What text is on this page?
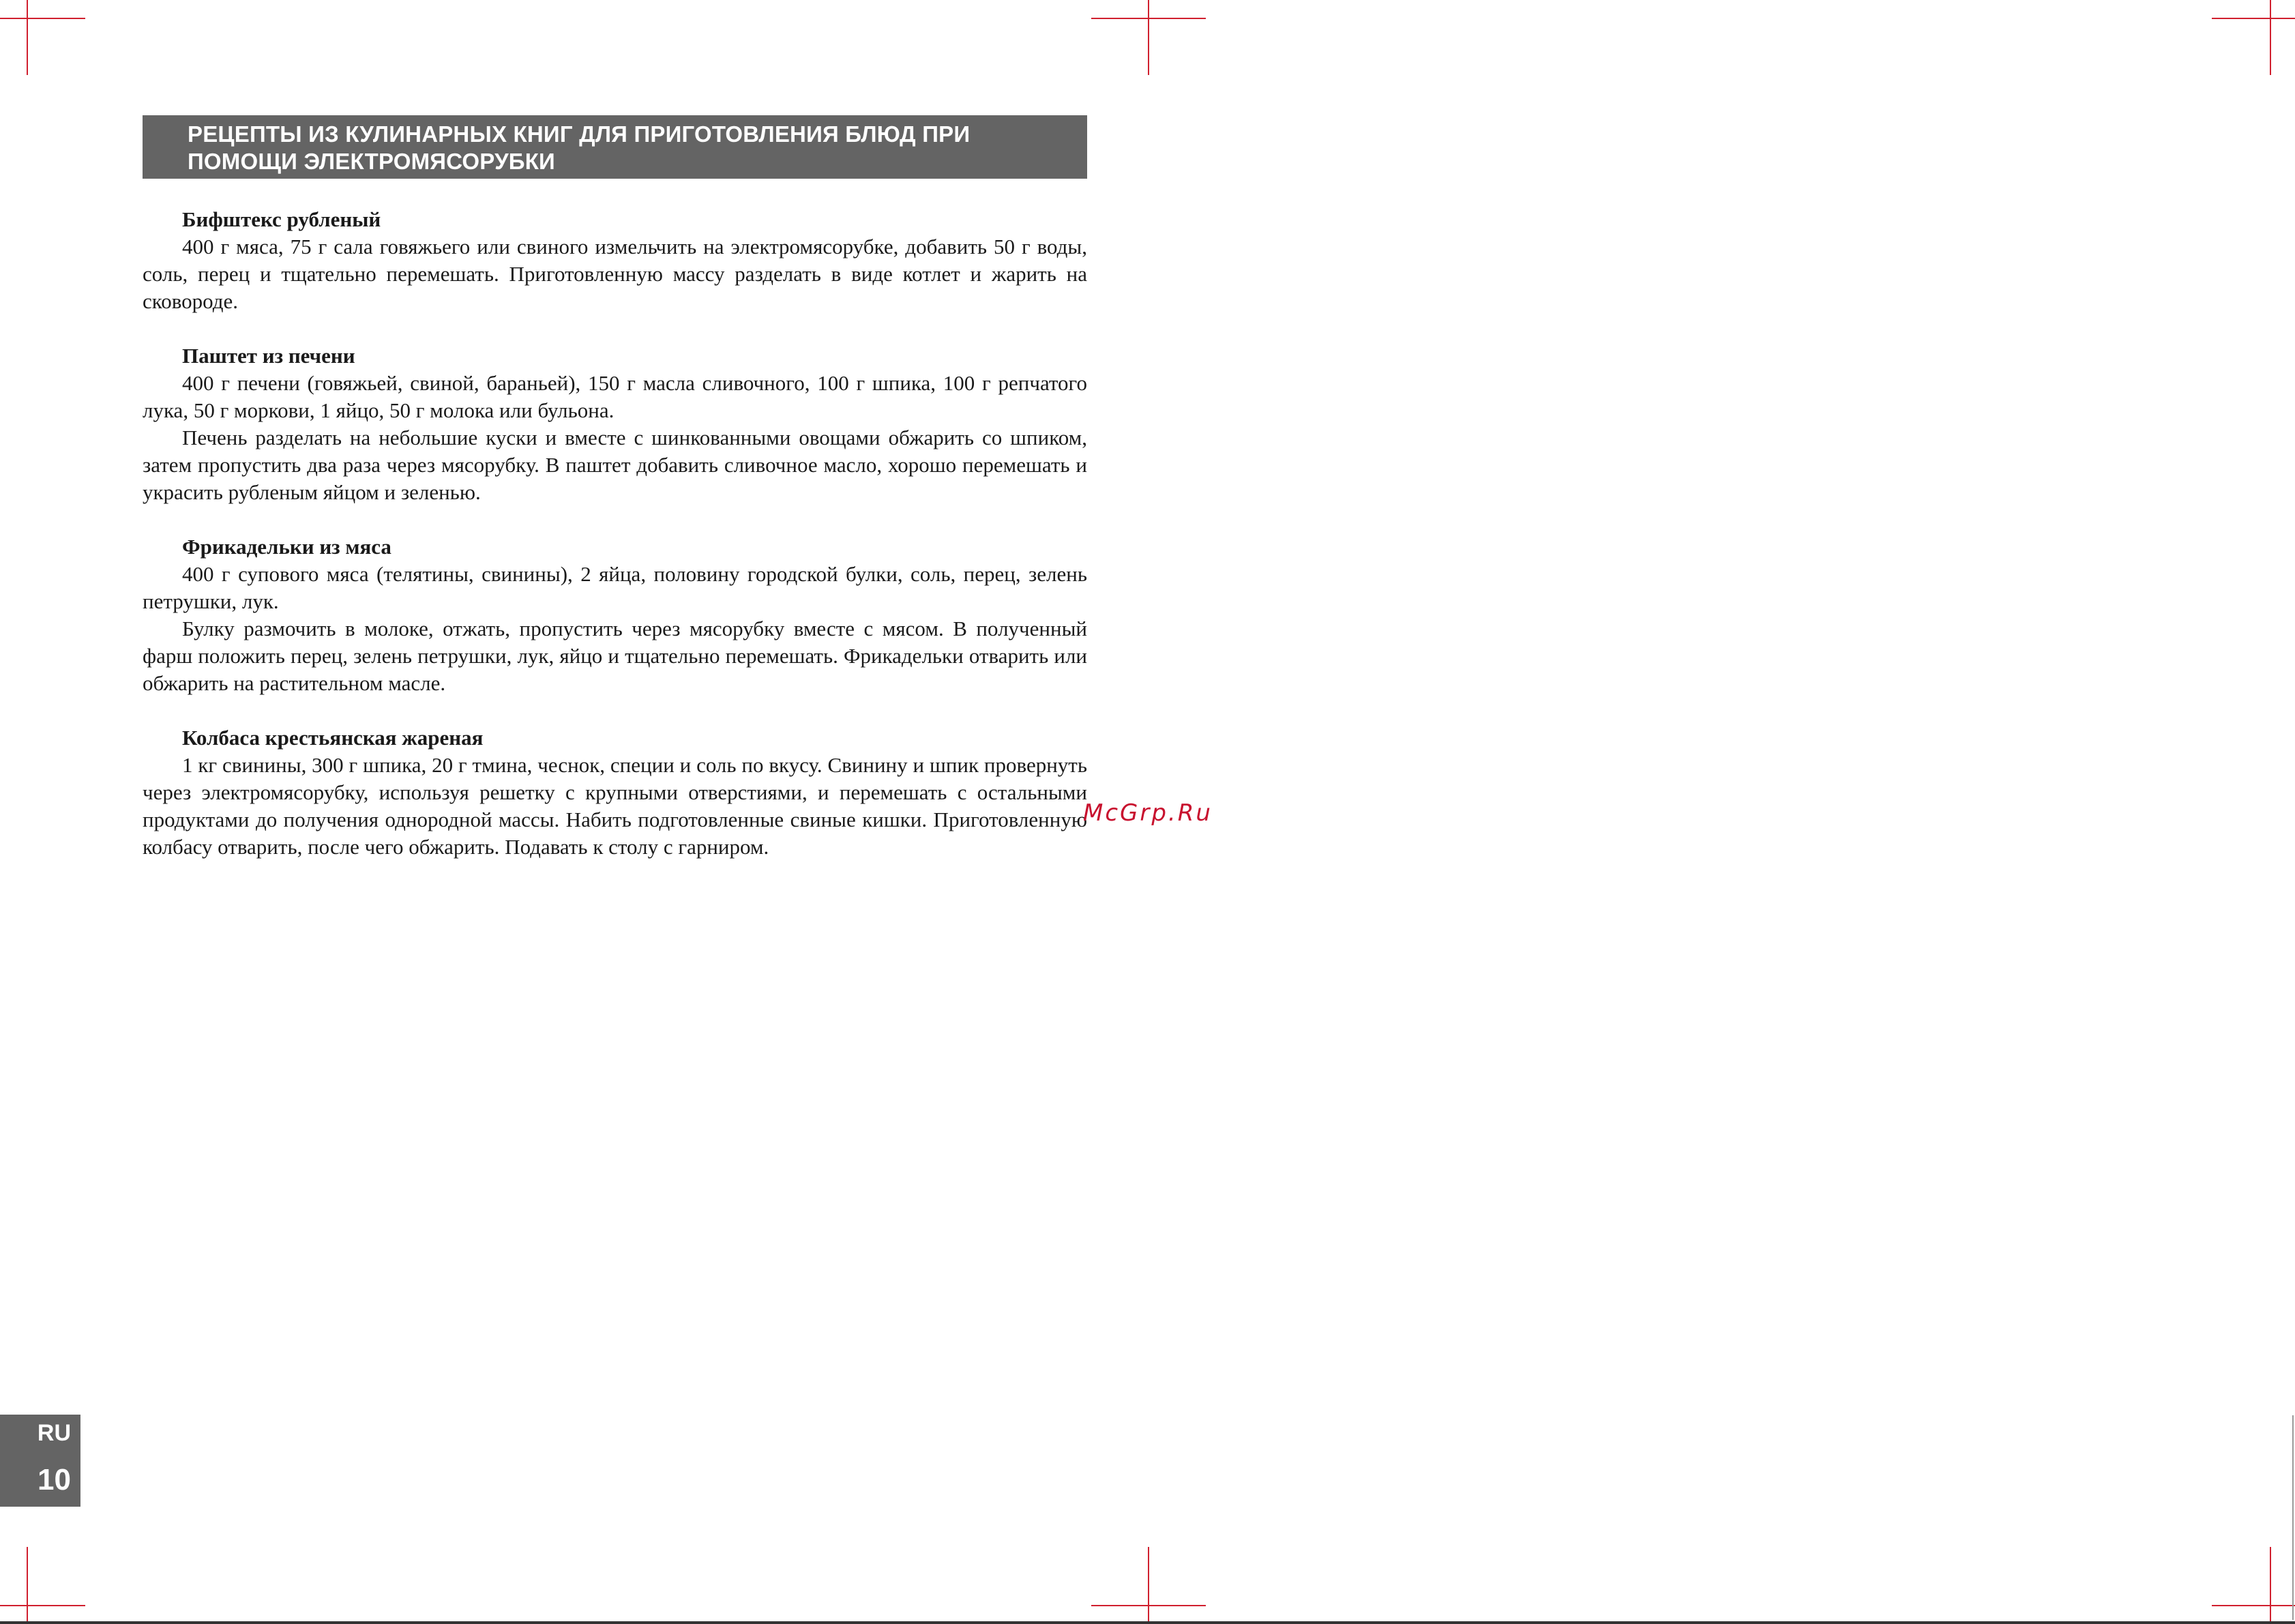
РЕЦЕПТЫ ИЗ КУЛИНАРНЫХ КНИГ ДЛЯ ПРИГОТОВЛЕНИЯ БЛЮД ПРИ
ПОМОЩИ ЭЛЕКТРОМЯСОРУБКИ
Бифштекс рубленый
400 г мяса, 75 г сала говяжьего или свиного измельчить на электромясорубке, добавить 50 г воды, соль, перец и тщательно перемешать. Приготовленную массу разделать в виде котлет и жарить на сковороде.
Паштет из печени
400 г печени (говяжьей, свиной, бараньей), 150 г масла сливочного, 100 г шпика, 100 г репчатого лука, 50 г моркови, 1 яйцо, 50 г молока или бульона.
Печень разделать на небольшие куски и вместе с шинкованными овощами обжарить со шпиком, затем пропустить два раза через мясорубку. В паштет добавить сливочное масло, хорошо перемешать и украсить рубленым яйцом и зеленью.
Фрикадельки из мяса
400 г супового мяса (телятины, свинины), 2 яйца, половину городской булки, соль, перец, зелень петрушки, лук.
Булку размочить в молоке, отжать, пропустить через мясорубку вместе с мясом. В полученный фарш положить перец, зелень петрушки, лук, яйцо и тщательно перемешать. Фрикадельки отварить или обжарить на растительном масле.
Колбаса крестьянская жареная
1 кг свинины, 300 г шпика, 20 г тмина, чеснок, специи и соль по вкусу. Свинину и шпик провернуть через электромясорубку, используя решетку с крупными отверстиями, и перемешать с остальными продуктами до получения однородной массы. Набить подготовленные свиные кишки. Приготовленную колбасу отварить, после чего обжарить. Подавать к столу с гарниром.
McGrp.Ru
RU
10
